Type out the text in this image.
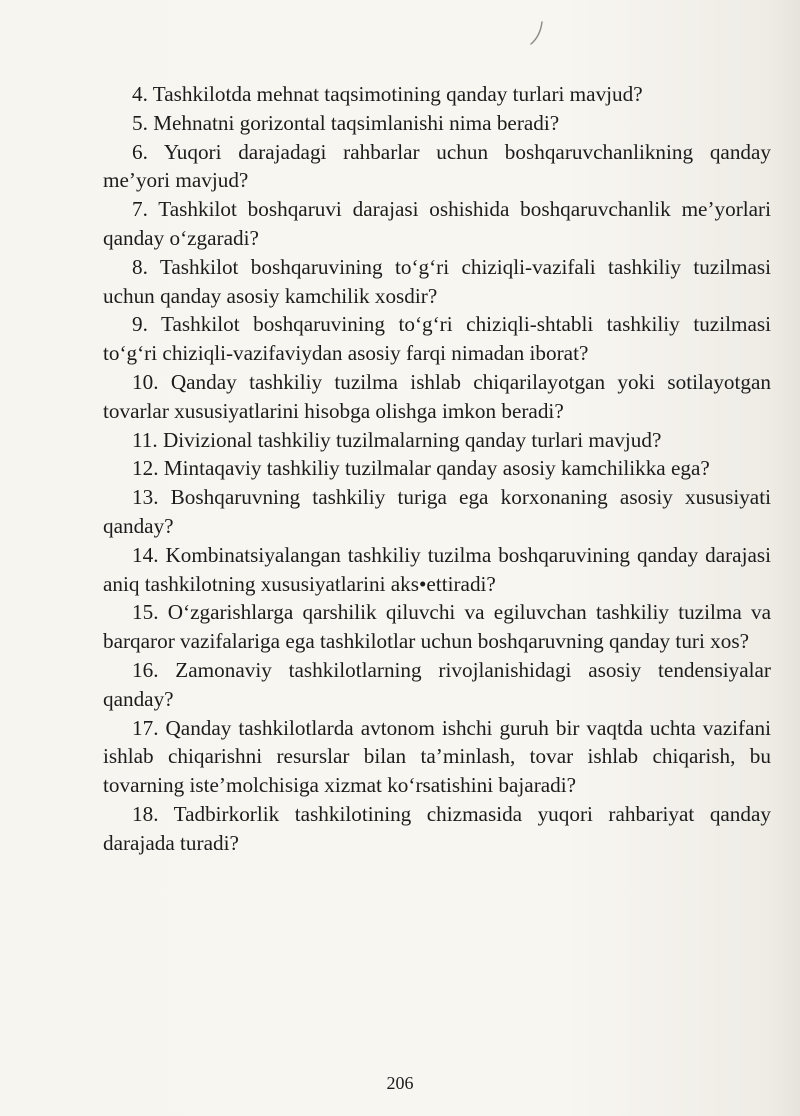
4. Tashkilotda mehnat taqsimotining qanday turlari mavjud?

5. Mehnatni gorizontal taqsimlanishi nima beradi?

6. Yuqori darajadagi rahbarlar uchun boshqaruvchanlikning qanday me’yori mavjud?

7. Tashkilot boshqaruvi darajasi oshishida boshqaruvchanlik me’yorlari qanday o‘zgaradi?

8. Tashkilot boshqaruvining to‘g‘ri chiziqli-vazifali tashkiliy tuzilmasi uchun qanday asosiy kamchilik xosdir?

9. Tashkilot boshqaruvining to‘g‘ri chiziqli-shtabli tashkiliy tuzilmasi to‘g‘ri chiziqli-vazifaviydan asosiy farqi nimadan iborat?

10. Qanday tashkiliy tuzilma ishlab chiqarilayotgan yoki sotilayotgan tovarlar xususiyatlarini hisobga olishga imkon beradi?

11. Divizional tashkiliy tuzilmalarning qanday turlari mavjud?

12. Mintaqaviy tashkiliy tuzilmalar qanday asosiy kamchilikka ega?

13. Boshqaruvning tashkiliy turiga ega korxonaning asosiy xususiyati qanday?

14. Kombinatsiyalangan tashkiliy tuzilma boshqaruvining qanday darajasi aniq tashkilotning xususiyatlarini aks•ettiradi?

15. O‘zgarishlarga qarshilik qiluvchi va egiluvchan tashkiliy tuzilma va barqaror vazifalariga ega tashkilotlar uchun boshqaruvning qanday turi xos?

16. Zamonaviy tashkilotlarning rivojlanishidagi asosiy tendensiyalar qanday?

17. Qanday tashkilotlarda avtonom ishchi guruh bir vaqtda uchta vazifani ishlab chiqarishni resurslar bilan ta’minlash, tovar ishlab chiqarish, bu tovarning iste’molchisiga xizmat ko‘rsatishini bajaradi?

18. Tadbirkorlik tashkilotining chizmasida yuqori rahbariyat qanday darajada turadi?

206
